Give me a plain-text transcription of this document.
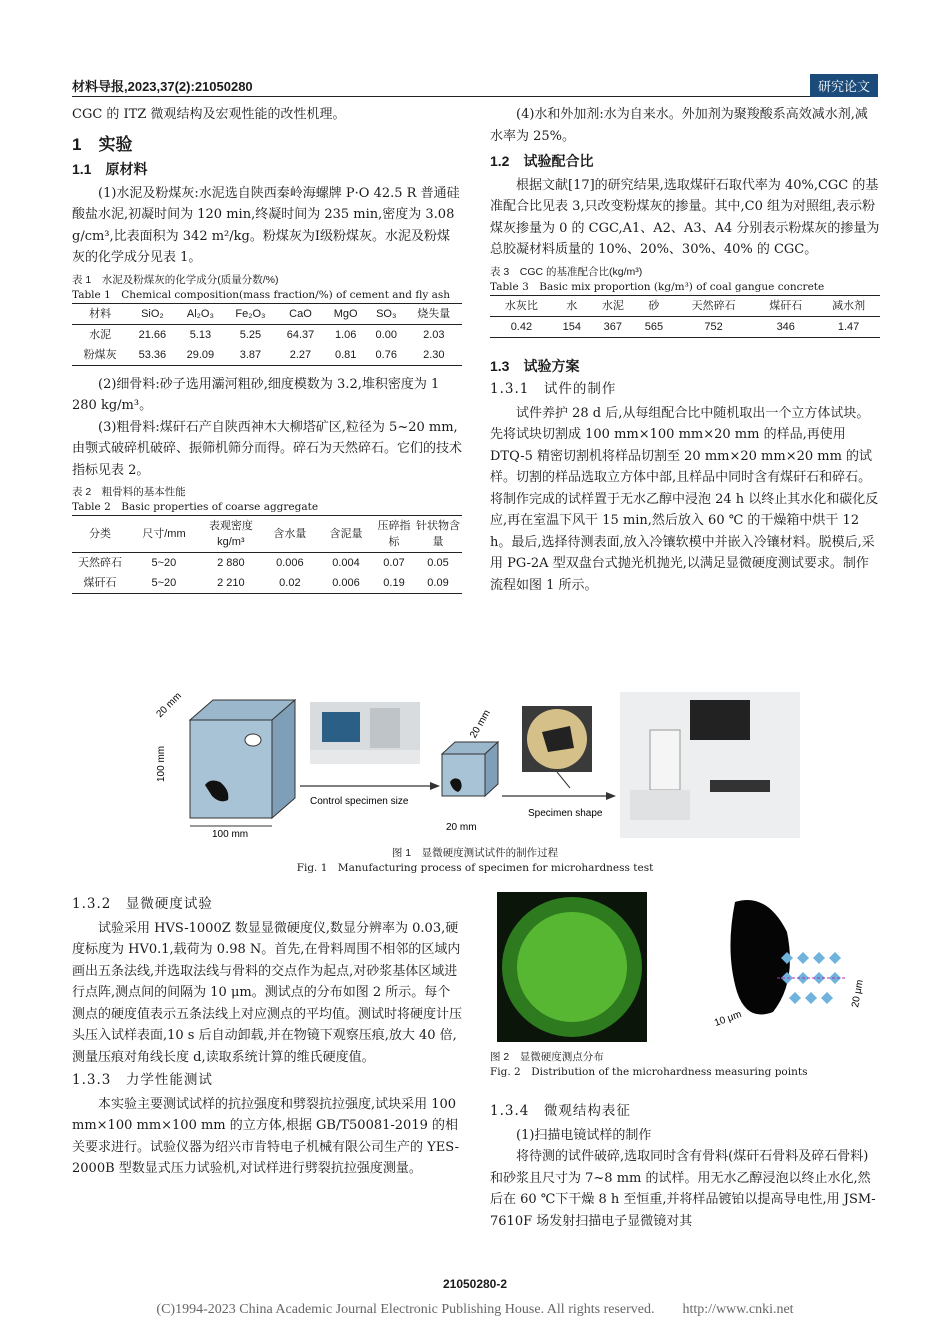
材料导报,2023,37(2):21050280	研究论文

CGC 的 ITZ 微观结构及宏观性能的改性机理。

1　实验
1.1　原材料

(1)水泥及粉煤灰:水泥选自陕西秦岭海螺牌 P·O 42.5 R 普通硅酸盐水泥,初凝时间为 120 min,终凝时间为 235 min,密度为 3.08 g/cm³,比表面积为 342 m²/kg。粉煤灰为Ⅰ级粉煤灰。水泥及粉煤灰的化学成分见表 1。

表 1　水泥及粉煤灰的化学成分(质量分数/%)
Table 1　Chemical composition(mass fraction/%) of cement and fly ash
材料	SiO₂	Al₂O₃	Fe₂O₃	CaO	MgO	SO₃	烧失量
水泥	21.66	5.13	5.25	64.37	1.06	0.00	2.03
粉煤灰	53.36	29.09	3.87	2.27	0.81	0.76	2.30

(2)细骨料:砂子选用灞河粗砂,细度模数为 3.2,堆积密度为 1 280 kg/m³。

(3)粗骨料:煤矸石产自陕西神木大柳塔矿区,粒径为 5~20 mm,由颚式破碎机破碎、振筛机筛分而得。碎石为天然碎石。它们的技术指标见表 2。

表 2　粗骨料的基本性能
Table 2　Basic properties of coarse aggregate
分类	尺寸/mm	表观密度 kg/m³	含水量	含泥量	压碎指标	针状物含量
天然碎石	5~20	2 880	0.006	0.004	0.07	0.05
煤矸石	5~20	2 210	0.02	0.006	0.19	0.09

(4)水和外加剂:水为自来水。外加剂为聚羧酸系高效减水剂,减水率为 25%。

1.2　试验配合比

根据文献[17]的研究结果,选取煤矸石取代率为 40%,CGC 的基准配合比见表 3,只改变粉煤灰的掺量。其中,C0 组为对照组,表示粉煤灰掺量为 0 的 CGC,A1、A2、A3、A4 分别表示粉煤灰的掺量为总胶凝材料质量的 10%、20%、30%、40% 的 CGC。

表 3　CGC 的基准配合比(kg/m³)
Table 3　Basic mix proportion (kg/m³) of coal gangue concrete
水灰比	水	水泥	砂	天然碎石	煤矸石	减水剂
0.42	154	367	565	752	346	1.47
1.3　试验方案
1.3.1　试件的制作

试件养护 28 d 后,从每组配合比中随机取出一个立方体试块。先将试块切割成 100 mm×100 mm×20 mm 的样品,再使用 DTQ-5 精密切割机将样品切割至 20 mm×20 mm×20 mm 的试样。切割的样品选取立方体中部,且样品中同时含有煤矸石和碎石。将制作完成的试样置于无水乙醇中浸泡 24 h 以终止其水化和碳化反应,再在室温下风干 15 min,然后放入 60 ℃ 的干燥箱中烘干 12 h。最后,选择待测表面,放入冷镶软模中并嵌入冷镶材料。脱模后,采用 PG-2A 型双盘台式抛光机抛光,以满足显微硬度测试要求。制作流程如图 1 所示。

20 mm
100 mm
100 mm
Control specimen size
20 mm
20 mm
Specimen shape
图 1　显微硬度测试试件的制作过程
Fig. 1　Manufacturing process of specimen for microhardness test
1.3.2　显微硬度试验

试验采用 HVS-1000Z 数显显微硬度仪,数显分辨率为 0.03,硬度标度为 HV0.1,载荷为 0.98 N。首先,在骨料周围不相邻的区域内画出五条法线,并选取法线与骨料的交点作为起点,对砂浆基体区域进行点阵,测点间的间隔为 10 μm。测试点的分布如图 2 所示。每个测点的硬度值表示五条法线上对应测点的平均值。测试时将硬度计压头压入试样表面,10 s 后自动卸载,并在物镜下观察压痕,放大 40 倍,测量压痕对角线长度 d,读取系统计算的维氏硬度值。

1.3.3　力学性能测试

本实验主要测试试样的抗拉强度和劈裂抗拉强度,试块采用 100 mm×100 mm×100 mm 的立方体,根据 GB/T50081-2019 的相关要求进行。试验仪器为绍兴市肯特电子机械有限公司生产的 YES-2000B 型数显式压力试验机,对试样进行劈裂抗拉强度测量。

10 μm
20 μm
图 2　显微硬度测点分布
Fig. 2　Distribution of the microhardness measuring points
1.3.4　微观结构表征

(1)扫描电镜试样的制作

将待测的试件破碎,选取同时含有骨料(煤矸石骨料及碎石骨料)和砂浆且尺寸为 7~8 mm 的试样。用无水乙醇浸泡以终止水化,然后在 60 ℃下干燥 8 h 至恒重,并将样品镀铂以提高导电性,用 JSM-7610F 场发射扫描电子显微镜对其

21050280-2
(C)1994-2023 China Academic Journal Electronic Publishing House. All rights reserved.　　http://www.cnki.net
